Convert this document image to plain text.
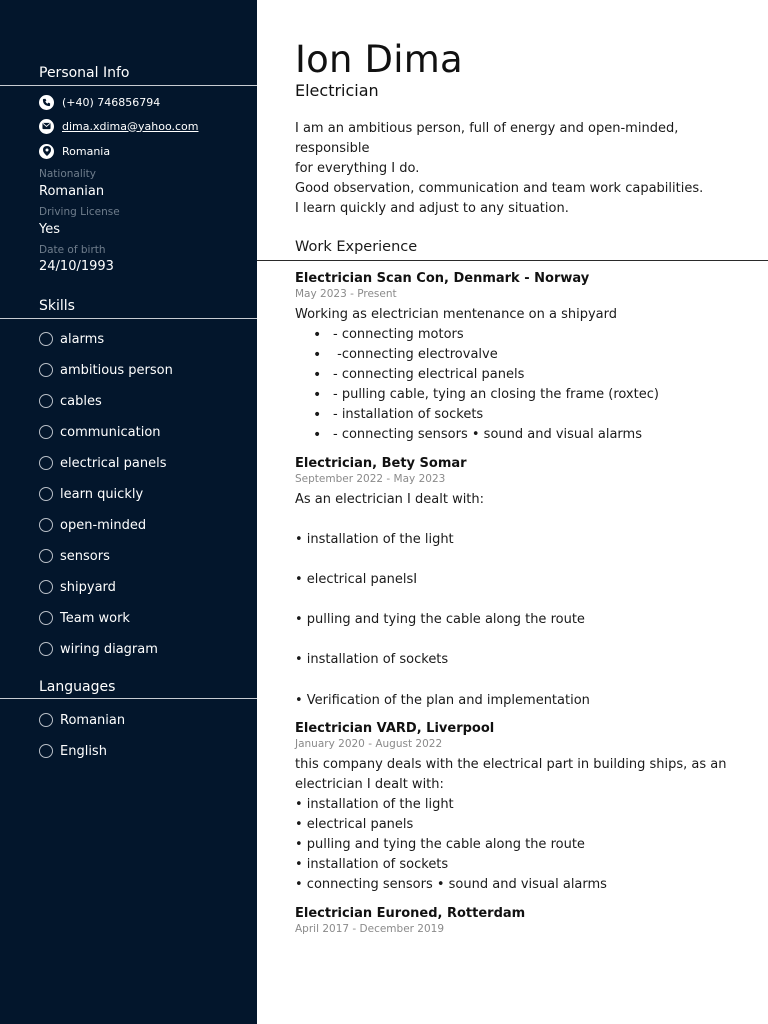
Personal Info
(+40) 746856794
dima.xdima@yahoo.com
Romania
Nationality
Romanian
Driving License
Yes
Date of birth
24/10/1993
Skills
alarms
ambitious person
cables
communication
electrical panels
learn quickly
open-minded
sensors
shipyard
Team work
wiring diagram
Languages
Romanian
English
Ion Dima
Electrician
I am an ambitious person, full of energy and open-minded,
responsible
for everything I do.
Good observation, communication and team work capabilities.
I learn quickly and adjust to any situation.
Work Experience
Electrician Scan Con, Denmark - Norway
May 2023 - Present
Working as electrician mentenance on a shipyard
• - connecting motors
• -connecting electrovalve
• - connecting electrical panels
• - pulling cable, tying an closing the frame (roxtec)
• - installation of sockets
• - connecting sensors • sound and visual alarms
Electrician, Bety Somar
September 2022 - May 2023
As an electrician I dealt with:
• installation of the light
• electrical panelsI
• pulling and tying the cable along the route
• installation of sockets
• Verification of the plan and implementation
Electrician VARD, Liverpool
January 2020 - August 2022
this company deals with the electrical part in building ships, as an
electrician I dealt with:
• installation of the light
• electrical panels
• pulling and tying the cable along the route
• installation of sockets
• connecting sensors • sound and visual alarms
Electrician Euroned, Rotterdam
April 2017 - December 2019
